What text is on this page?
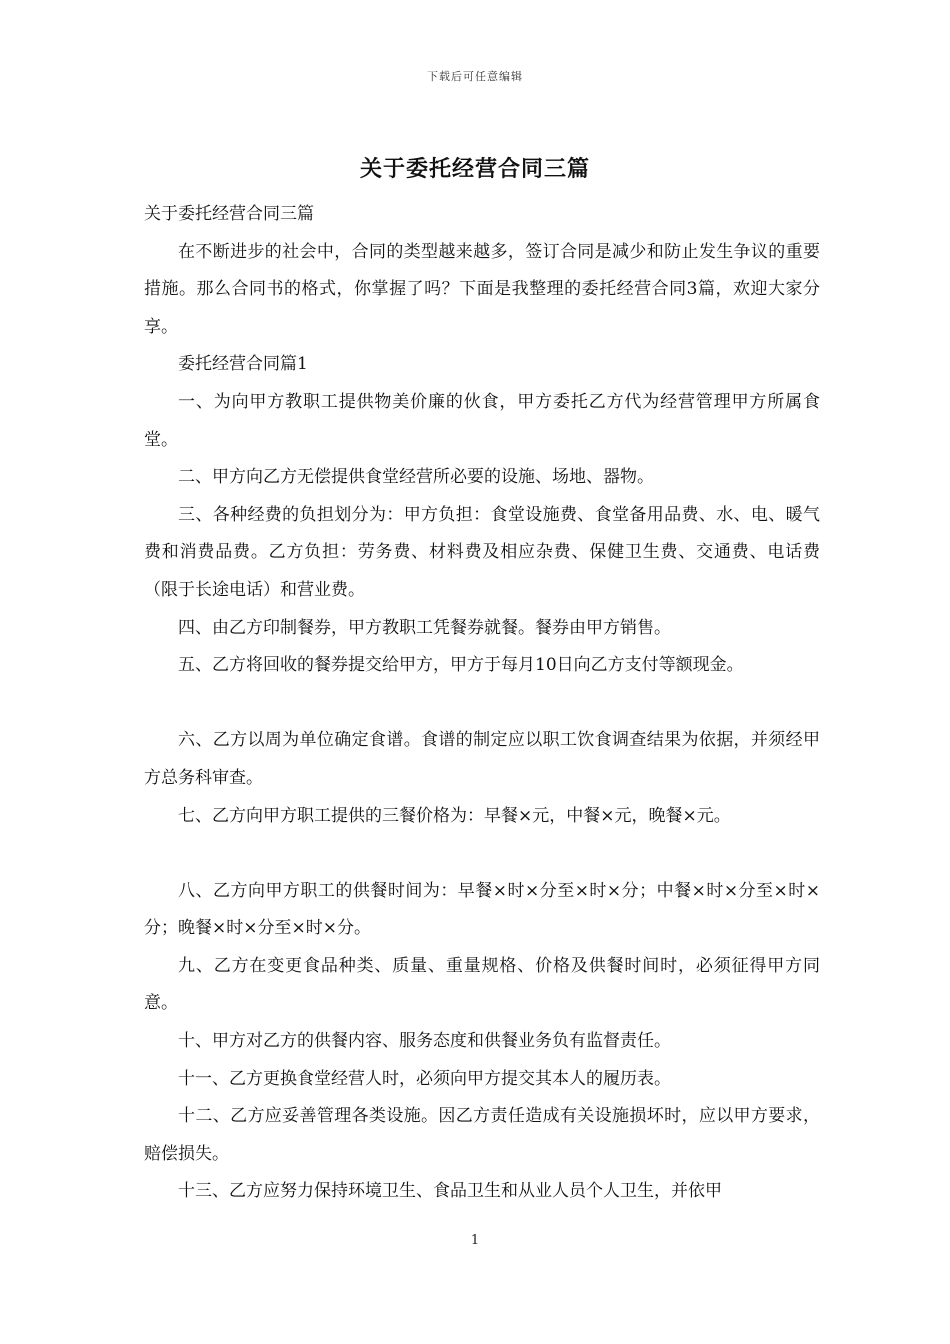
下载后可任意编辑
关于委托经营合同三篇

关于委托经营合同三篇

在不断进步的社会中，合同的类型越来越多，签订合同是减少和防止发生争议的重要措施。那么合同书的格式，你掌握了吗？下面是我整理的委托经营合同3篇，欢迎大家分享。

委托经营合同篇1

一、为向甲方教职工提供物美价廉的伙食，甲方委托乙方代为经营管理甲方所属食堂。

二、甲方向乙方无偿提供食堂经营所必要的设施、场地、器物。

三、各种经费的负担划分为：甲方负担：食堂设施费、食堂备用品费、水、电、暖气费和消费品费。乙方负担：劳务费、材料费及相应杂费、保健卫生费、交通费、电话费（限于长途电话）和营业费。

四、由乙方印制餐券，甲方教职工凭餐券就餐。餐券由甲方销售。

五、乙方将回收的餐券提交给甲方，甲方于每月10日向乙方支付等额现金。

六、乙方以周为单位确定食谱。食谱的制定应以职工饮食调查结果为依据，并须经甲方总务科审查。

七、乙方向甲方职工提供的三餐价格为：早餐×元，中餐×元，晚餐×元。

八、乙方向甲方职工的供餐时间为：早餐×时×分至×时×分；中餐×时×分至×时×分；晚餐×时×分至×时×分。

九、乙方在变更食品种类、质量、重量规格、价格及供餐时间时，必须征得甲方同意。

十、甲方对乙方的供餐内容、服务态度和供餐业务负有监督责任。

十一、乙方更换食堂经营人时，必须向甲方提交其本人的履历表。

十二、乙方应妥善管理各类设施。因乙方责任造成有关设施损坏时，应以甲方要求，赔偿损失。

十三、乙方应努力保持环境卫生、食品卫生和从业人员个人卫生，并依甲

1
